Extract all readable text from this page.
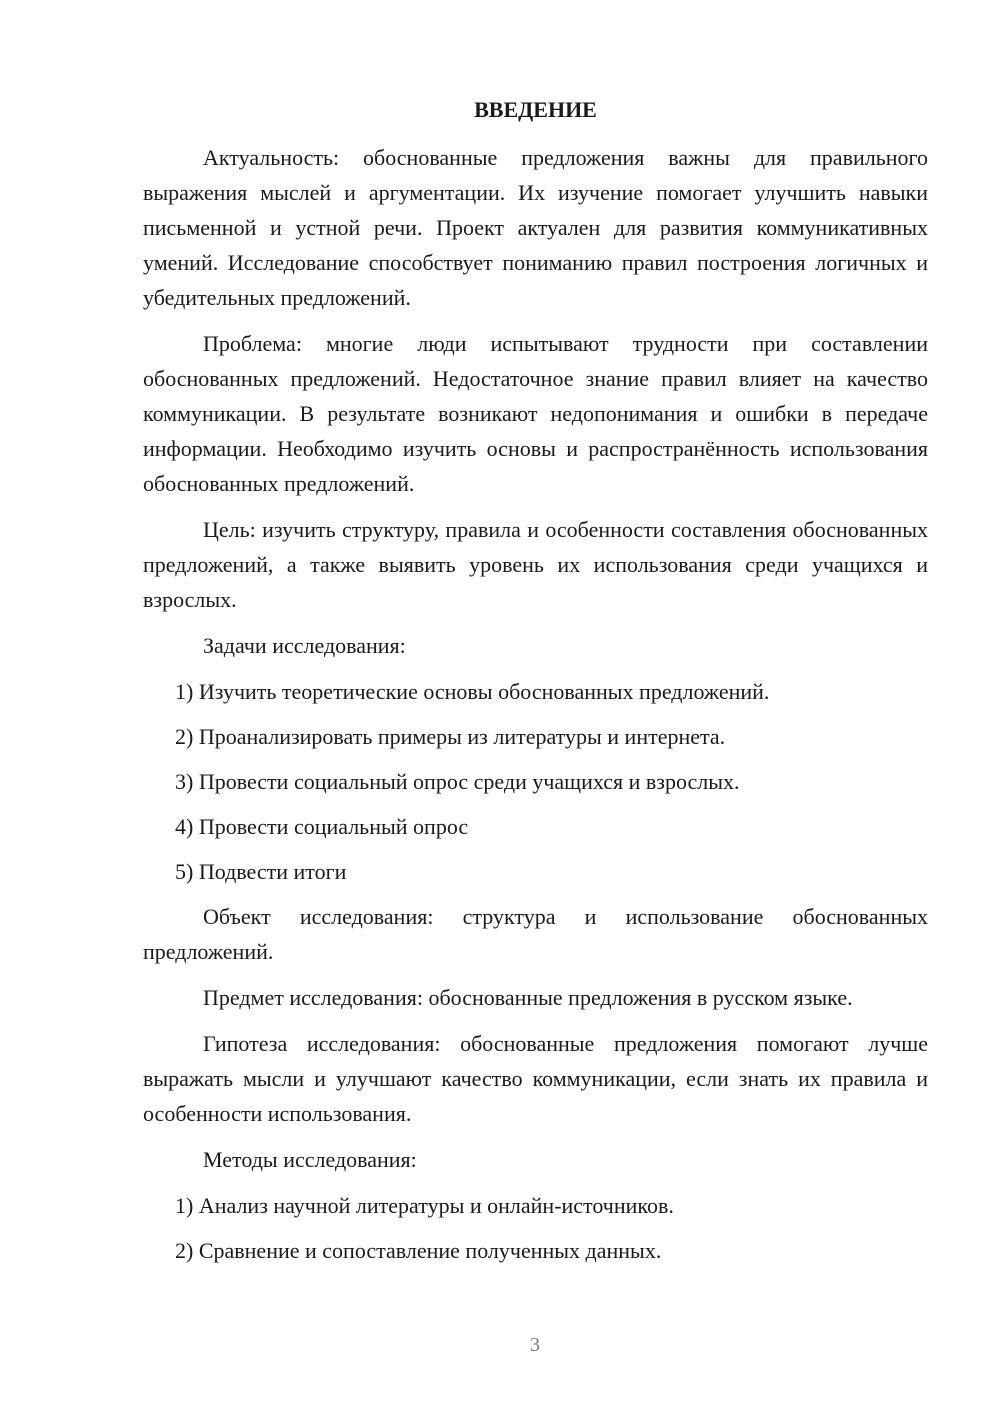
ВВЕДЕНИЕ

Актуальность: обоснованные предложения важны для правильного выражения мыслей и аргументации. Их изучение помогает улучшить навыки письменной и устной речи. Проект актуален для развития коммуникативных умений. Исследование способствует пониманию правил построения логичных и убедительных предложений.

Проблема: многие люди испытывают трудности при составлении обоснованных предложений. Недостаточное знание правил влияет на качество коммуникации. В результате возникают недопонимания и ошибки в передаче информации. Необходимо изучить основы и распространённость использования обоснованных предложений.

Цель: изучить структуру, правила и особенности составления обоснованных предложений, а также выявить уровень их использования среди учащихся и взрослых.

Задачи исследования:

1) Изучить теоретические основы обоснованных предложений.
2) Проанализировать примеры из литературы и интернета.
3) Провести социальный опрос среди учащихся и взрослых.
4) Провести социальный опрос
5) Подвести итоги

Объект исследования: структура и использование обоснованных предложений.

Предмет исследования: обоснованные предложения в русском языке.

Гипотеза исследования: обоснованные предложения помогают лучше выражать мысли и улучшают качество коммуникации, если знать их правила и особенности использования.

Методы исследования:

1) Анализ научной литературы и онлайн-источников.
2) Сравнение и сопоставление полученных данных.
3
